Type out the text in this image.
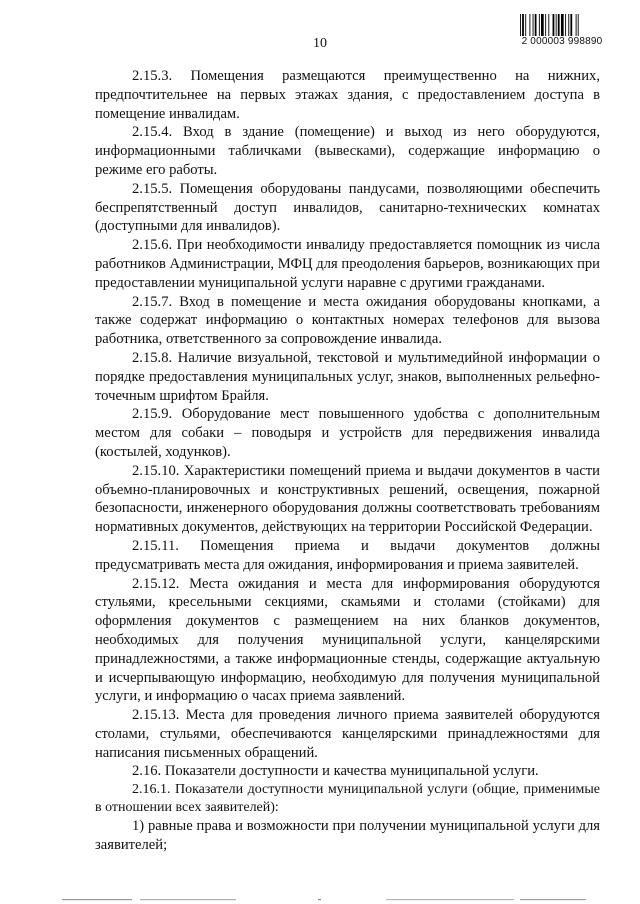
10	2 000003 998890

2.15.3. Помещения размещаются преимущественно на нижних, предпочтительнее на первых этажах здания, с предоставлением доступа в помещение инвалидам.

2.15.4. Вход в здание (помещение) и выход из него оборудуются, информационными табличками (вывесками), содержащие информацию о режиме его работы.

2.15.5. Помещения оборудованы пандусами, позволяющими обеспечить беспрепятственный доступ инвалидов, санитарно-технических комнатах (доступными для инвалидов).

2.15.6. При необходимости инвалиду предоставляется помощник из числа работников Администрации, МФЦ для преодоления барьеров, возникающих при предоставлении муниципальной услуги наравне с другими гражданами.

2.15.7. Вход в помещение и места ожидания оборудованы кнопками, а также содержат информацию о контактных номерах телефонов для вызова работника, ответственного за сопровождение инвалида.

2.15.8. Наличие визуальной, текстовой и мультимедийной информации о порядке предоставления муниципальных услуг, знаков, выполненных рельефно-точечным шрифтом Брайля.

2.15.9. Оборудование мест повышенного удобства с дополнительным местом для собаки – поводыря и устройств для передвижения инвалида (костылей, ходунков).

2.15.10. Характеристики помещений приема и выдачи документов в части объемно-планировочных и конструктивных решений, освещения, пожарной безопасности, инженерного оборудования должны соответствовать требованиям нормативных документов, действующих на территории Российской Федерации.

2.15.11. Помещения приема и выдачи документов должны предусматривать места для ожидания, информирования и приема заявителей.

2.15.12. Места ожидания и места для информирования оборудуются стульями, кресельными секциями, скамьями и столами (стойками) для оформления документов с размещением на них бланков документов, необходимых для получения муниципальной услуги, канцелярскими принадлежностями, а также информационные стенды, содержащие актуальную и исчерпывающую информацию, необходимую для получения муниципальной услуги, и информацию о часах приема заявлений.

2.15.13. Места для проведения личного приема заявителей оборудуются столами, стульями, обеспечиваются канцелярскими принадлежностями для написания письменных обращений.

2.16. Показатели доступности и качества муниципальной услуги.

2.16.1. Показатели доступности муниципальной услуги (общие, применимые в отношении всех заявителей):

1) равные права и возможности при получении муниципальной услуги для заявителей;
